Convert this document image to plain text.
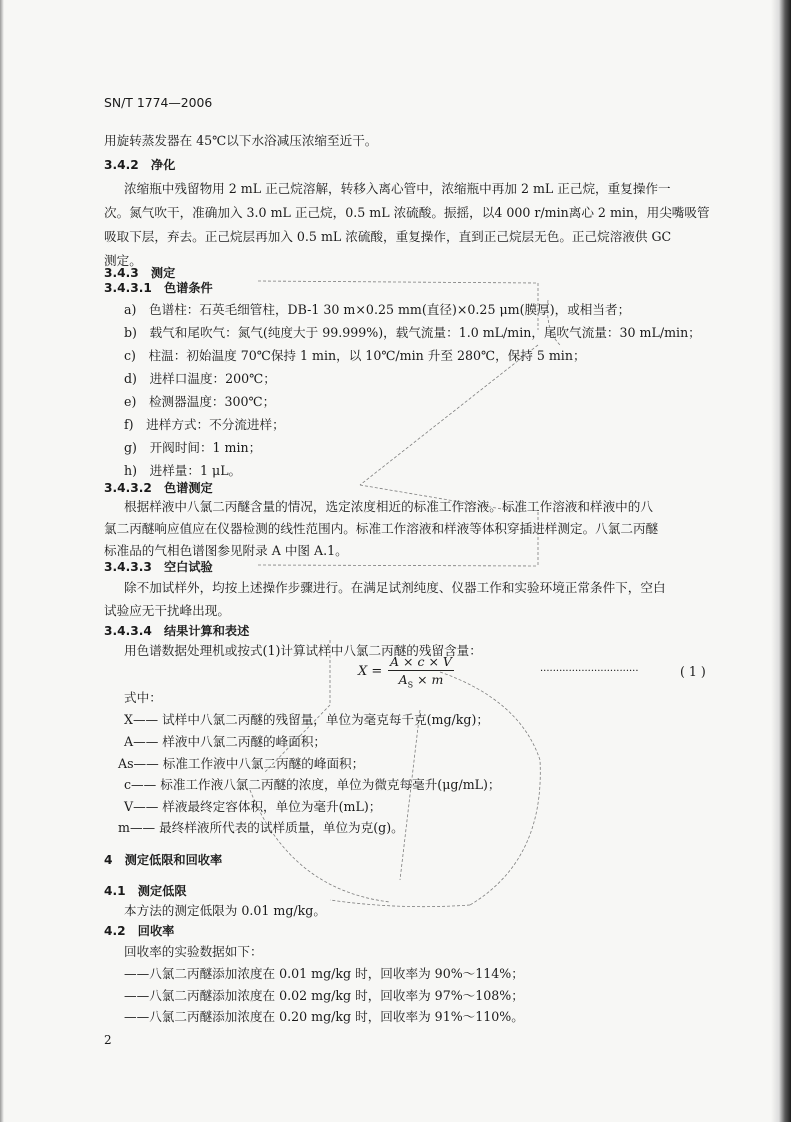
SN/T 1774—2006
用旋转蒸发器在 45℃以下水浴减压浓缩至近干。
3.4.2　净化
浓缩瓶中残留物用 2 mL 正己烷溶解，转移入离心管中，浓缩瓶中再加 2 mL 正己烷，重复操作一
次。氮气吹干，准确加入 3.0 mL 正己烷，0.5 mL 浓硫酸。振摇，以4 000 r/min离心 2 min，用尖嘴吸管
吸取下层，弃去。正己烷层再加入 0.5 mL 浓硫酸，重复操作，直到正己烷层无色。正己烷溶液供 GC
测定。
3.4.3　测定
3.4.3.1　色谱条件
a)　色谱柱：石英毛细管柱，DB-1 30 m×0.25 mm(直径)×0.25 μm(膜厚)，或相当者；
b)　载气和尾吹气：氮气(纯度大于 99.999%)，载气流量：1.0 mL/min，尾吹气流量：30 mL/min；
c)　柱温：初始温度 70℃保持 1 min，以 10℃/min 升至 280℃，保持 5 min；
d)　进样口温度：200℃；
e)　检测器温度：300℃；
f)　进样方式：不分流进样；
g)　开阀时间：1 min；
h)　进样量：1 μL。
3.4.3.2　色谱测定
根据样液中八氯二丙醚含量的情况，选定浓度相近的标准工作溶液。标准工作溶液和样液中的八
氯二丙醚响应值应在仪器检测的线性范围内。标准工作溶液和样液等体积穿插进样测定。八氯二丙醚
标准品的气相色谱图参见附录 A 中图 A.1。
3.4.3.3　空白试验
除不加试样外，均按上述操作步骤进行。在满足试剂纯度、仪器工作和实验环境正常条件下，空白
试验应无干扰峰出现。
3.4.3.4　结果计算和表述
用色谱数据处理机或按式(1)计算试样中八氯二丙醚的残留含量：
$X = \frac{A \times c \times V}{A_S \times m}$	·······························	( 1 )
式中：
X—— 试样中八氯二丙醚的残留量，单位为毫克每千克(mg/kg)；
A—— 样液中八氯二丙醚的峰面积；
As—— 标准工作液中八氯二丙醚的峰面积；
c—— 标准工作液八氯二丙醚的浓度，单位为微克每毫升(μg/mL)；
V—— 样液最终定容体积，单位为毫升(mL)；
m—— 最终样液所代表的试样质量，单位为克(g)。
4　测定低限和回收率
4.1　测定低限
本方法的测定低限为 0.01 mg/kg。
4.2　回收率
回收率的实验数据如下：
——八氯二丙醚添加浓度在 0.01 mg/kg 时，回收率为 90%～114%；
——八氯二丙醚添加浓度在 0.02 mg/kg 时，回收率为 97%～108%；
——八氯二丙醚添加浓度在 0.20 mg/kg 时，回收率为 91%～110%。
2
